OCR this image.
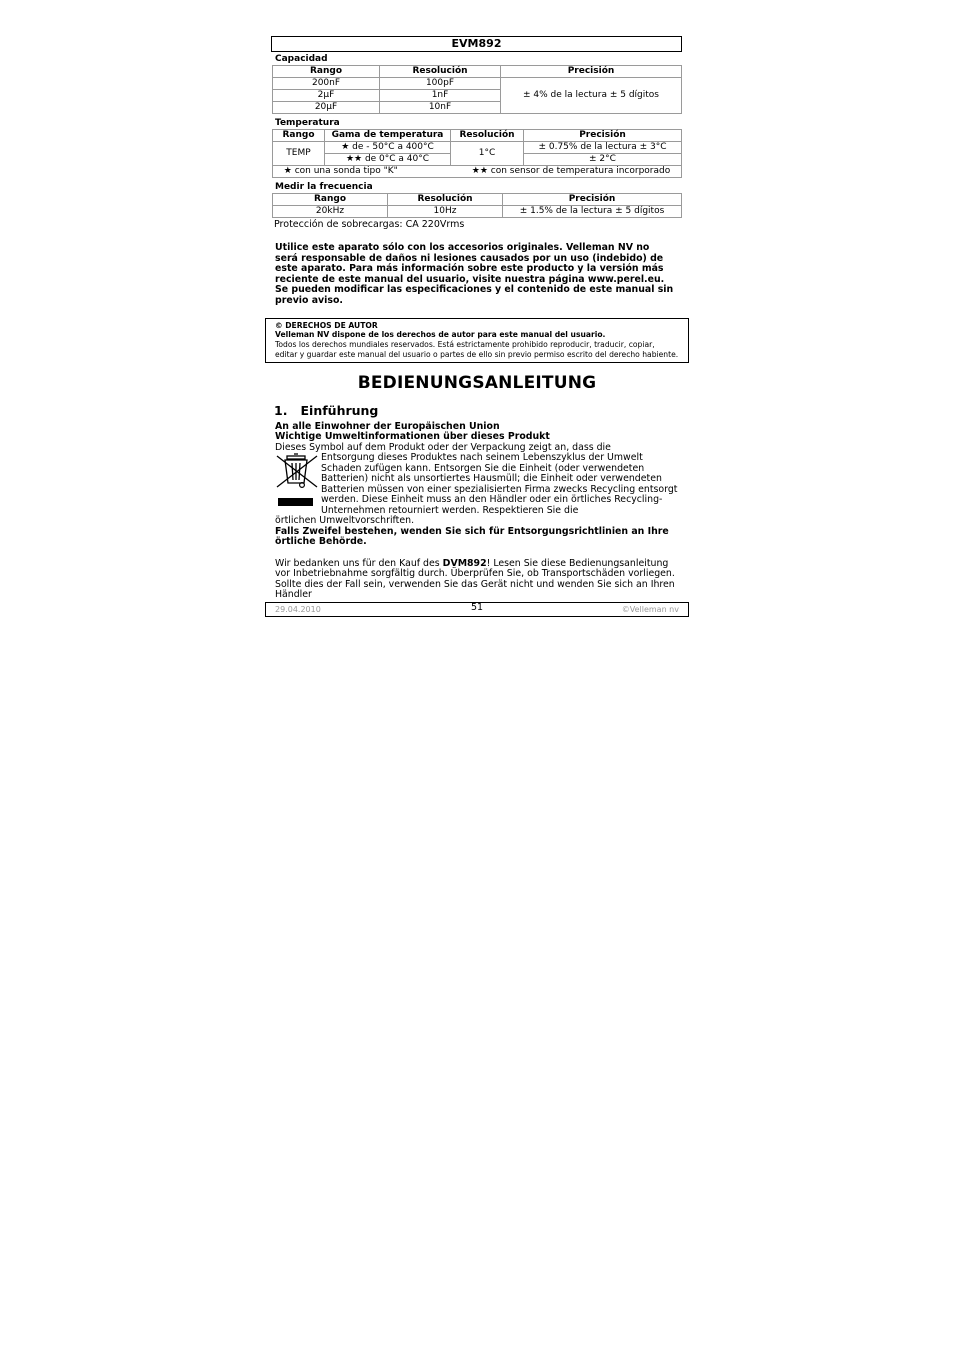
EVM892
Capacidad
Rango	Resolución	Precisión
200nF	100pF	± 4% de la lectura ± 5 dígitos
2µF	1nF	
20µF	10nF	
Temperatura
Rango	Gama de temperatura	Resolución	Precisión
TEMP	★ de - 50°C a 400°C	1°C	± 0.75% de la lectura ± 3°C
	★★ de 0°C a 40°C		± 2°C
★ con una sonda tipo "K" ★★ con sensor de temperatura incorporado			
Medir la frecuencia
Rango	Resolución	Precisión
20kHz	10Hz	± 1.5% de la lectura ± 5 dígitos
Protección de sobrecargas: CA 220Vrms
Utilice este aparato sólo con los accesorios originales. Velleman NV no será responsable de daños ni lesiones causados por un uso (indebido) de este aparato. Para más información sobre este producto y la versión más reciente de este manual del usuario, visite nuestra página www.perel.eu. Se pueden modificar las especificaciones y el contenido de este manual sin previo aviso.
© DERECHOS DE AUTOR
Velleman NV dispone de los derechos de autor para este manual del usuario.
Todos los derechos mundiales reservados. Está estrictamente prohibido reproducir, traducir, copiar, editar y guardar este manual del usuario o partes de ello sin previo permiso escrito del derecho habiente.
BEDIENUNGSANLEITUNG
1. Einführung
An alle Einwohner der Europäischen Union
Wichtige Umweltinformationen über dieses Produkt
Dieses Symbol auf dem Produkt oder der Verpackung zeigt an, dass die
Entsorgung dieses Produktes nach seinem Lebenszyklus der Umwelt Schaden zufügen kann. Entsorgen Sie die Einheit (oder verwendeten Batterien) nicht als unsortiertes Hausmüll; die Einheit oder verwendeten Batterien müssen von einer spezialisierten Firma zwecks Recycling entsorgt werden. Diese Einheit muss an den Händler oder ein örtliches Recycling-Unternehmen retourniert werden. Respektieren Sie die
örtlichen Umweltvorschriften.
Falls Zweifel bestehen, wenden Sie sich für Entsorgungsrichtlinien an Ihre örtliche Behörde.
Wir bedanken uns für den Kauf des DVM892! Lesen Sie diese Bedienungsanleitung vor Inbetriebnahme sorgfältig durch. Überprüfen Sie, ob Transportschäden vorliegen. Sollte dies der Fall sein, verwenden Sie das Gerät nicht und wenden Sie sich an Ihren Händler
29.04.2010	51	©Velleman nv
